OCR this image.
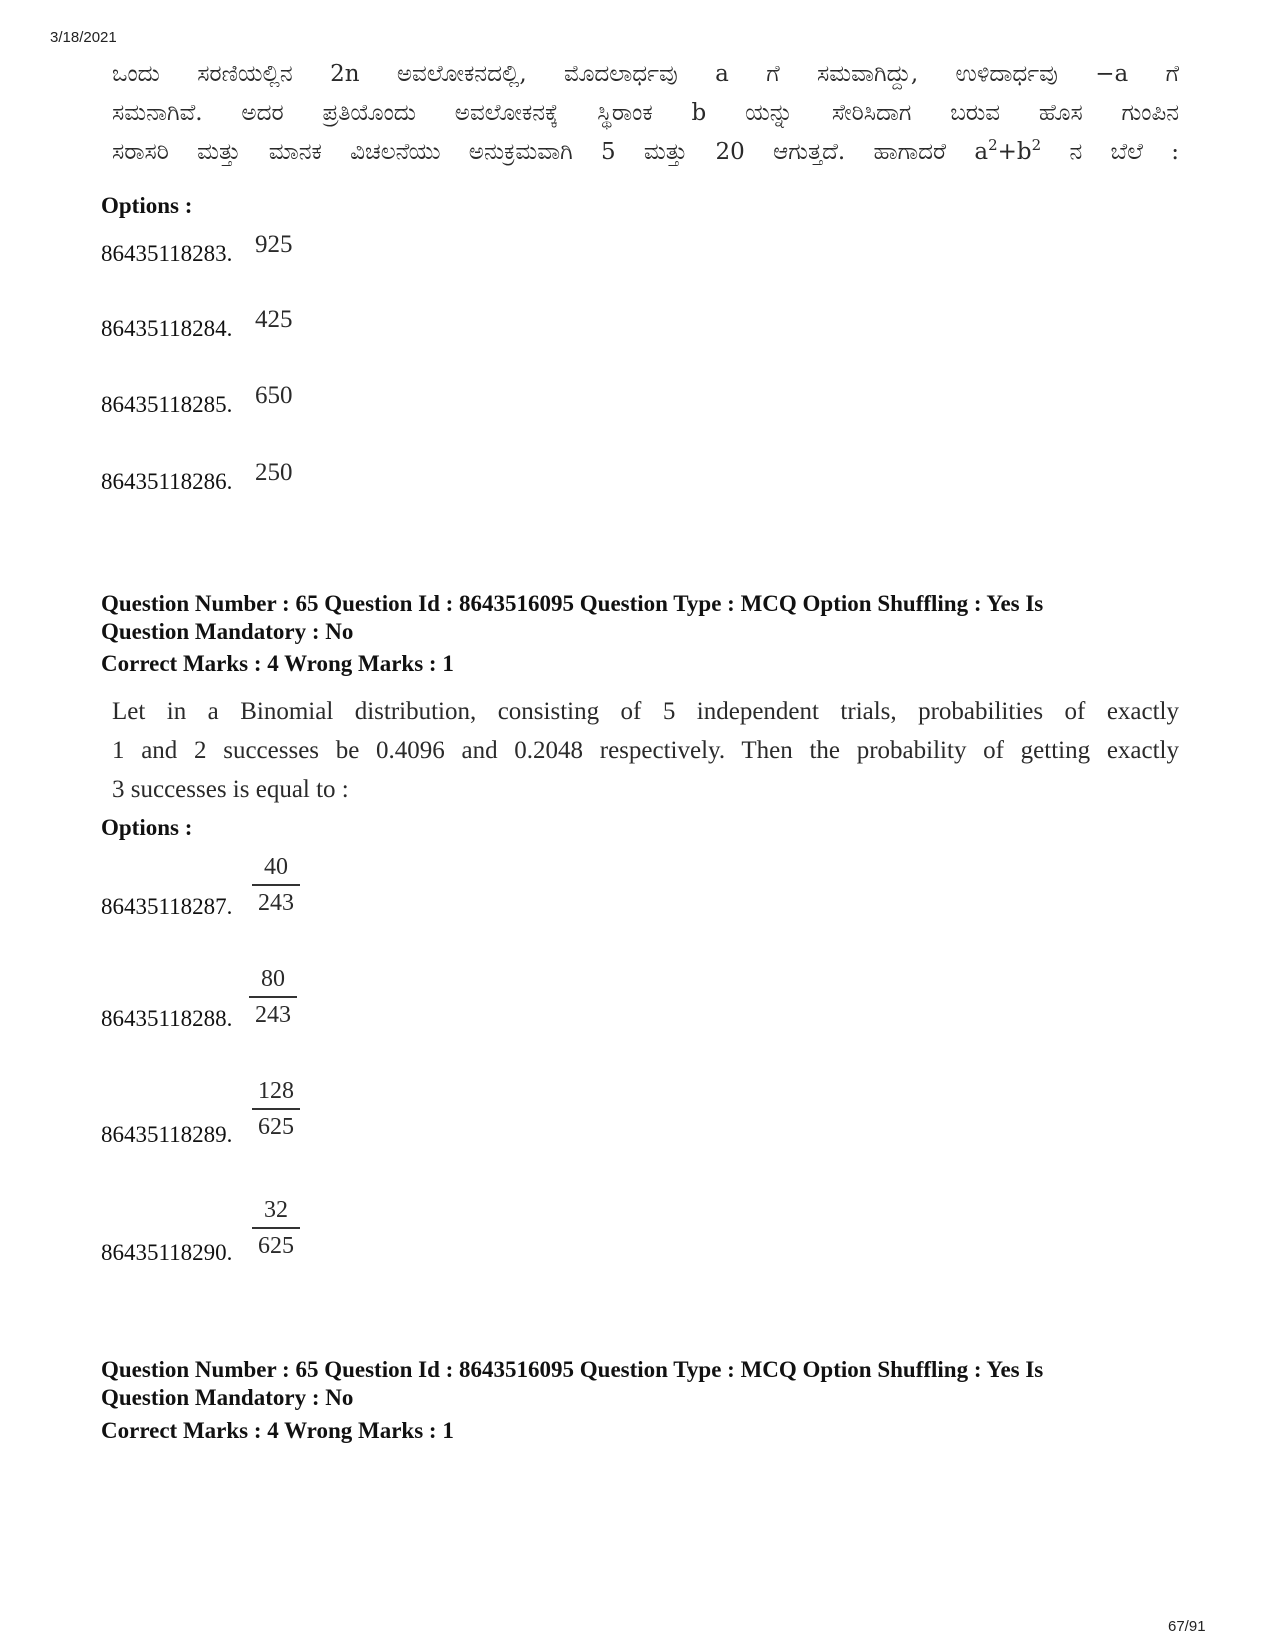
3/18/2021
67/91
ಒಂದು ಸರಣಿಯಲ್ಲಿನ 2n ಅವಲೋಕನದಲ್ಲಿ, ಮೊದಲಾರ್ಧವು a ಗೆ ಸಮವಾಗಿದ್ದು, ಉಳಿದಾರ್ಧವು −a ಗೆ
ಸಮನಾಗಿವೆ. ಅದರ ಪ್ರತಿಯೊಂದು ಅವಲೋಕನಕ್ಕೆ ಸ್ಥಿರಾಂಕ b ಯನ್ನು ಸೇರಿಸಿದಾಗ ಬರುವ ಹೊಸ ಗುಂಪಿನ
ಸರಾಸರಿ ಮತ್ತು ಮಾನಕ ವಿಚಲನೆಯು ಅನುಕ್ರಮವಾಗಿ 5 ಮತ್ತು 20 ಆಗುತ್ತದೆ. ಹಾಗಾದರೆ $a^2+b^2$ ನ ಬೆಲೆ :
Options :
86435118283. 925
86435118284. 425
86435118285. 650
86435118286. 250
Question Number : 65 Question Id : 8643516095 Question Type : MCQ Option Shuffling : Yes Is
Question Mandatory : No
Correct Marks : 4 Wrong Marks : 1
Let in a Binomial distribution, consisting of 5 independent trials, probabilities of exactly
1 and 2 successes be 0.4096 and 0.2048 respectively. Then the probability of getting exactly
3 successes is equal to :
Options :
86435118287.
40
243
86435118288.
80
243
86435118289.
128
625
86435118290.
32
625
Question Number : 65 Question Id : 8643516095 Question Type : MCQ Option Shuffling : Yes Is
Question Mandatory : No
Correct Marks : 4 Wrong Marks : 1
